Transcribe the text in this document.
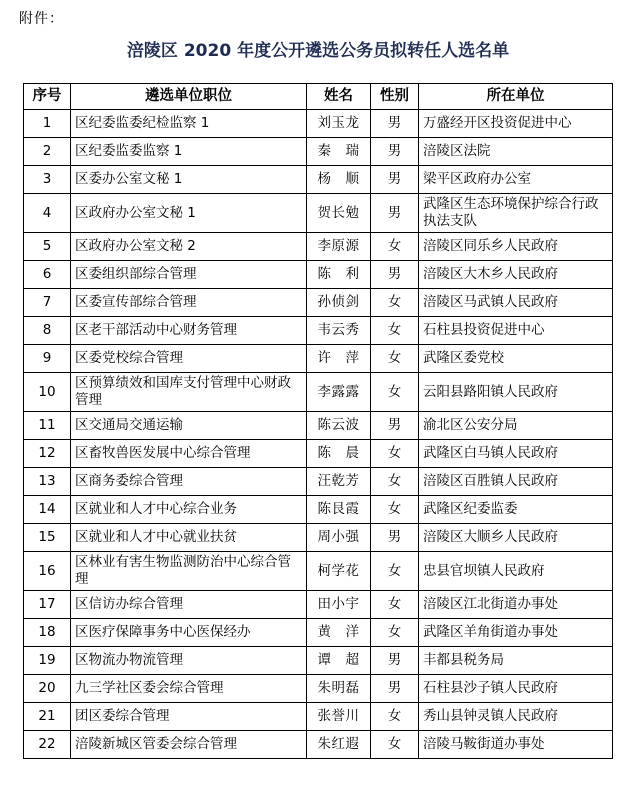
附件：
涪陵区 2020 年度公开遴选公务员拟转任人选名单
序号	遴选单位职位	姓名	性别	所在单位
1	区纪委监委纪检监察 1	刘玉龙	男	万盛经开区投资促进中心
2	区纪委监委监察 1	秦　瑞	男	涪陵区法院
3	区委办公室文秘 1	杨　顺	男	梁平区政府办公室
4	区政府办公室文秘 1	贺长勉	男	武隆区生态环境保护综合行政执法支队
5	区政府办公室文秘 2	李原源	女	涪陵区同乐乡人民政府
6	区委组织部综合管理	陈　利	男	涪陵区大木乡人民政府
7	区委宣传部综合管理	孙侦剑	女	涪陵区马武镇人民政府
8	区老干部活动中心财务管理	韦云秀	女	石柱县投资促进中心
9	区委党校综合管理	许　萍	女	武隆区委党校
10	区预算绩效和国库支付管理中心财政管理	李露露	女	云阳县路阳镇人民政府
11	区交通局交通运输	陈云波	男	渝北区公安分局
12	区畜牧兽医发展中心综合管理	陈　晨	女	武隆区白马镇人民政府
13	区商务委综合管理	汪乾芳	女	涪陵区百胜镇人民政府
14	区就业和人才中心综合业务	陈艮霞	女	武隆区纪委监委
15	区就业和人才中心就业扶贫	周小强	男	涪陵区大顺乡人民政府
16	区林业有害生物监测防治中心综合管理	柯学花	女	忠县官坝镇人民政府
17	区信访办综合管理	田小宇	女	涪陵区江北街道办事处
18	区医疗保障事务中心医保经办	黄　洋	女	武隆区羊角街道办事处
19	区物流办物流管理	谭　超	男	丰都县税务局
20	九三学社区委会综合管理	朱明磊	男	石柱县沙子镇人民政府
21	团区委综合管理	张誉川	女	秀山县钟灵镇人民政府
22	涪陵新城区管委会综合管理	朱红遐	女	涪陵马鞍街道办事处
